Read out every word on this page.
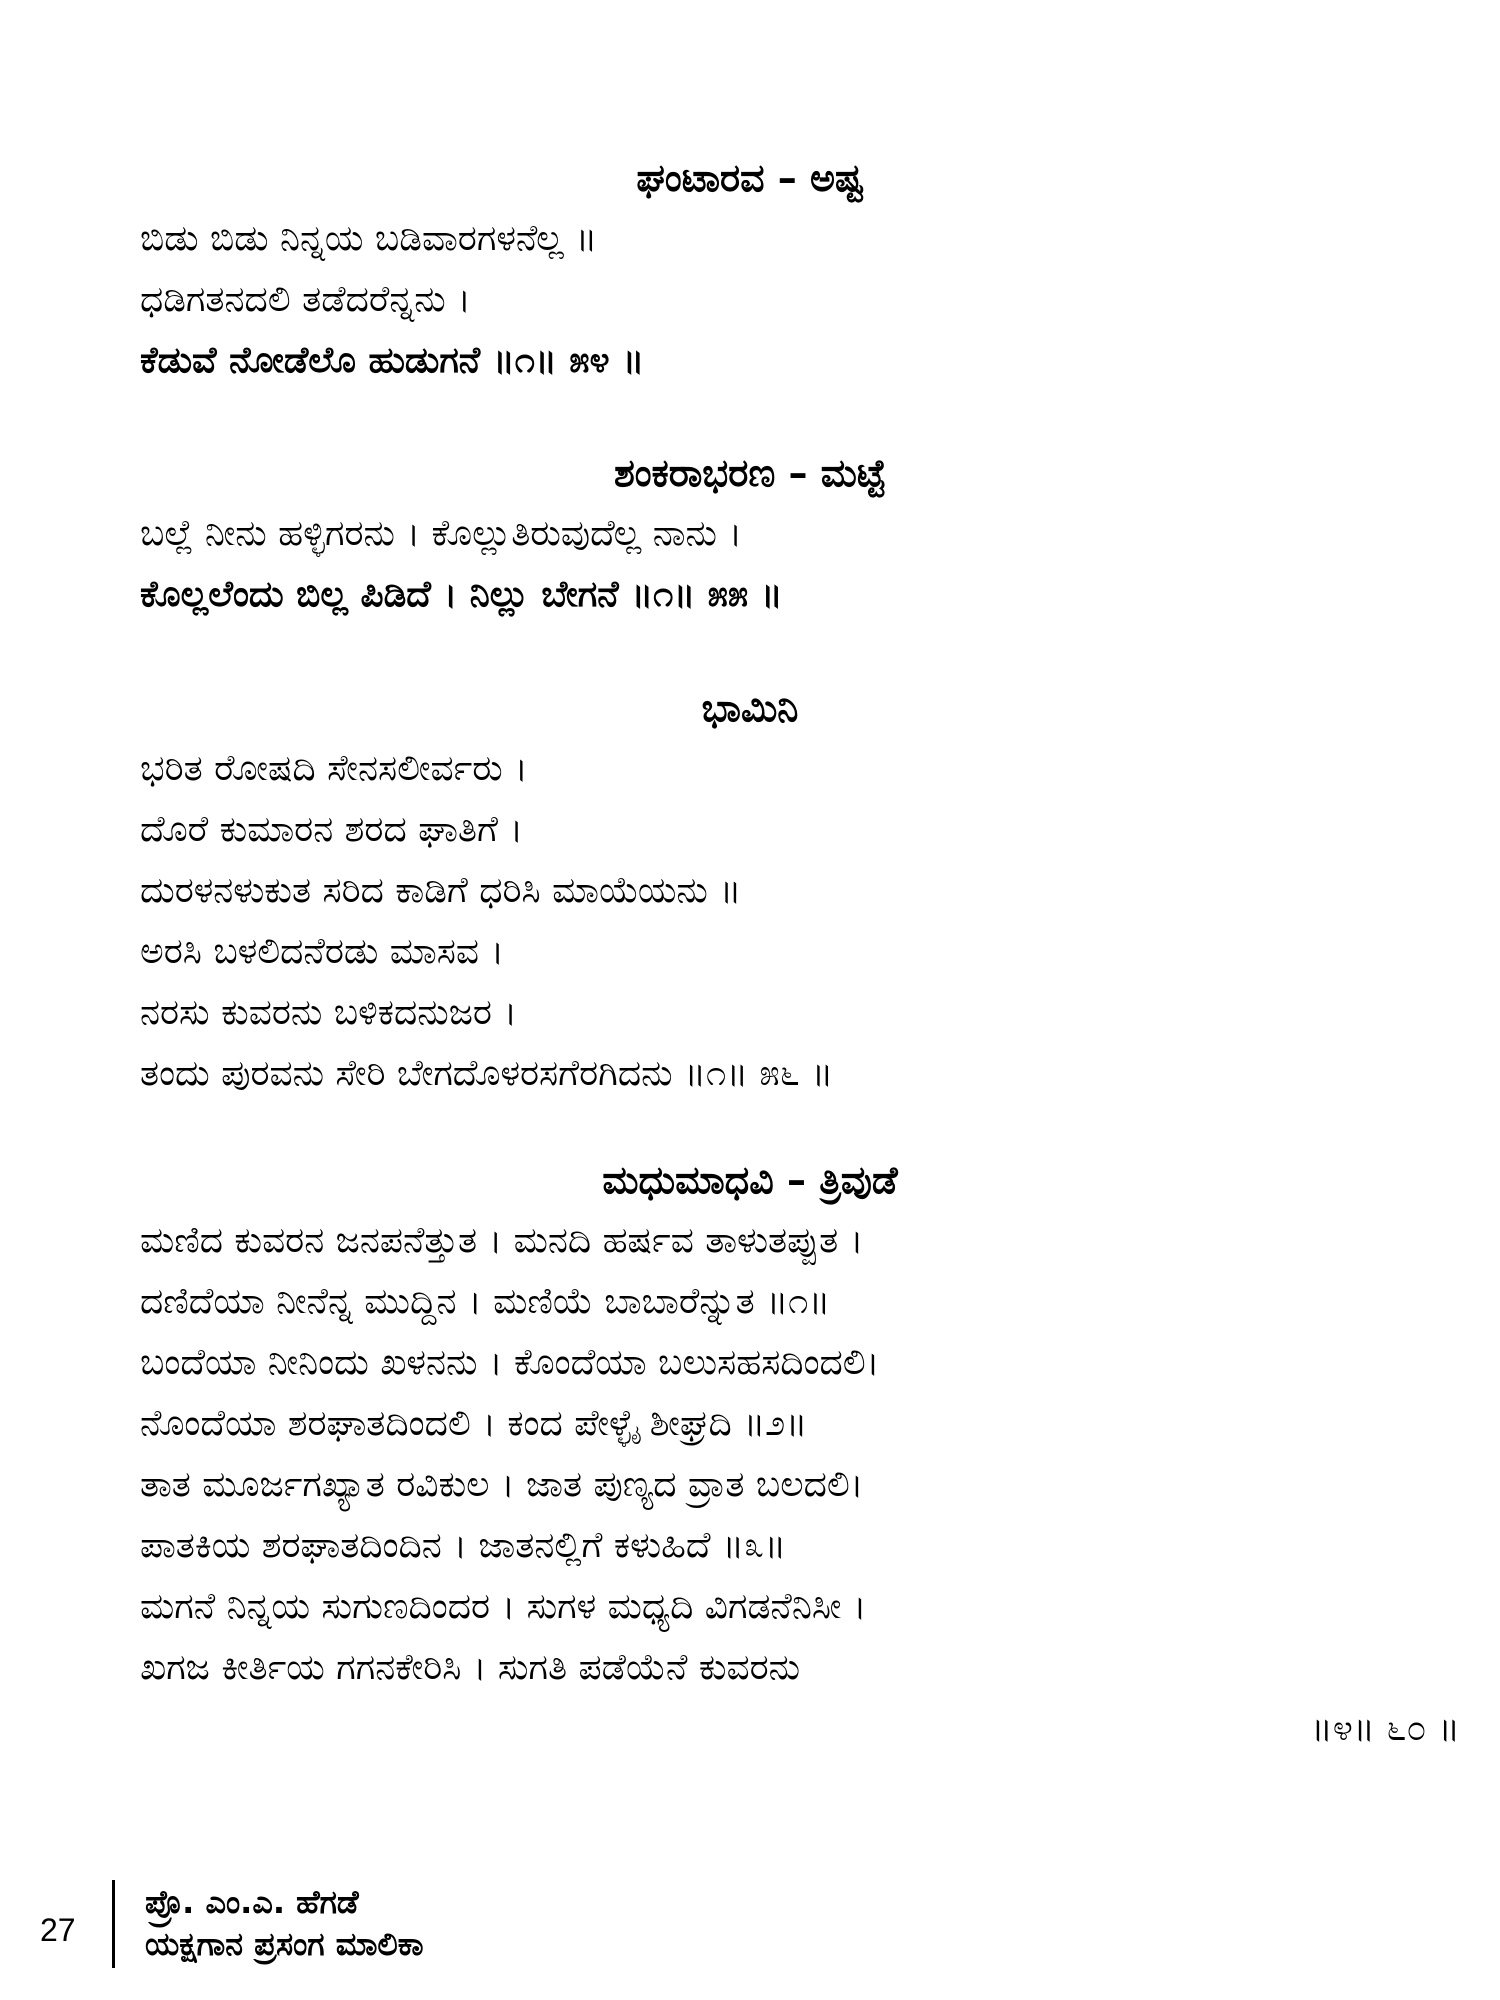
ಘಂಟಾರವ – ಅಷ್ಟ
ಬಿಡು ಬಿಡು ನಿನ್ನಯ ಬಡಿವಾರಗಳನೆಲ್ಲ ॥
ಧಡಿಗತನದಲಿ ತಡೆದರೆನ್ನನು ।
ಕೆಡುವೆ ನೋಡೆಲೊ ಹುಡುಗನೆ ॥೧॥ ೫೪ ॥
ಶಂಕರಾಭರಣ – ಮಟ್ಟೆ
ಬಲ್ಲೆ ನೀನು ಹಳ್ಳಿಗರನು । ಕೊಲ್ಲುತಿರುವುದೆಲ್ಲ ನಾನು ।
ಕೊಲ್ಲಲೆಂದು ಬಿಲ್ಲ ಪಿಡಿದೆ । ನಿಲ್ಲು ಬೇಗನೆ ॥೧॥ ೫೫ ॥
ಭಾಮಿನಿ
ಭರಿತ ರೋಷದಿ ಸೇನಸಲೀರ್ವರು ।
ದೊರೆ ಕುಮಾರನ ಶರದ ಘಾತಿಗೆ ।
ದುರಳನಳುಕುತ ಸರಿದ ಕಾಡಿಗೆ ಧರಿಸಿ ಮಾಯೆಯನು ॥
ಅರಸಿ ಬಳಲಿದನೆರಡು ಮಾಸವ ।
ನರಸು ಕುವರನು ಬಳಿಕದನುಜರ ।
ತಂದು ಪುರವನು ಸೇರಿ ಬೇಗದೊಳರಸಗೆರಗಿದನು ॥೧॥ ೫೬ ॥
ಮಧುಮಾಧವಿ – ತ್ರಿವುಡೆ
ಮಣಿದ ಕುವರನ ಜನಪನೆತ್ತುತ । ಮನದಿ ಹರ್ಷವ ತಾಳುತಪ್ಪುತ ।
ದಣಿದೆಯಾ ನೀನೆನ್ನ ಮುದ್ದಿನ । ಮಣಿಯೆ ಬಾಬಾರೆನ್ನುತ ॥೧॥
ಬಂದೆಯಾ ನೀನಿಂದು ಖಳನನು । ಕೊಂದೆಯಾ ಬಲುಸಹಸದಿಂದಲಿ।
ನೊಂದೆಯಾ ಶರಘಾತದಿಂದಲಿ । ಕಂದ ಪೇಳ್ಳೈ ಶೀಘ್ರದಿ ॥೨॥
ತಾತ ಮೂರ್ಜಗಖ್ಯಾತ ರವಿಕುಲ । ಜಾತ ಪುಣ್ಯದ ವ್ರಾತ ಬಲದಲಿ।
ಪಾತಕಿಯ ಶರಘಾತದಿಂದಿನ । ಜಾತನಲ್ಲಿಗೆ ಕಳುಹಿದೆ ॥೩॥
ಮಗನೆ ನಿನ್ನಯ ಸುಗುಣದಿಂದರ । ಸುಗಳ ಮಧ್ಯದಿ ವಿಗಡನೆನಿಸೀ ।
ಖಗಜ ಕೀರ್ತಿಯ ಗಗನಕೇರಿಸಿ । ಸುಗತಿ ಪಡೆಯೆನೆ ಕುವರನು
॥೪॥ ೬೦ ॥
27
ಪ್ರೊ. ಎಂ.ಎ. ಹೆಗಡೆ
ಯಕ್ಷಗಾನ ಪ್ರಸಂಗ ಮಾಲಿಕಾ
